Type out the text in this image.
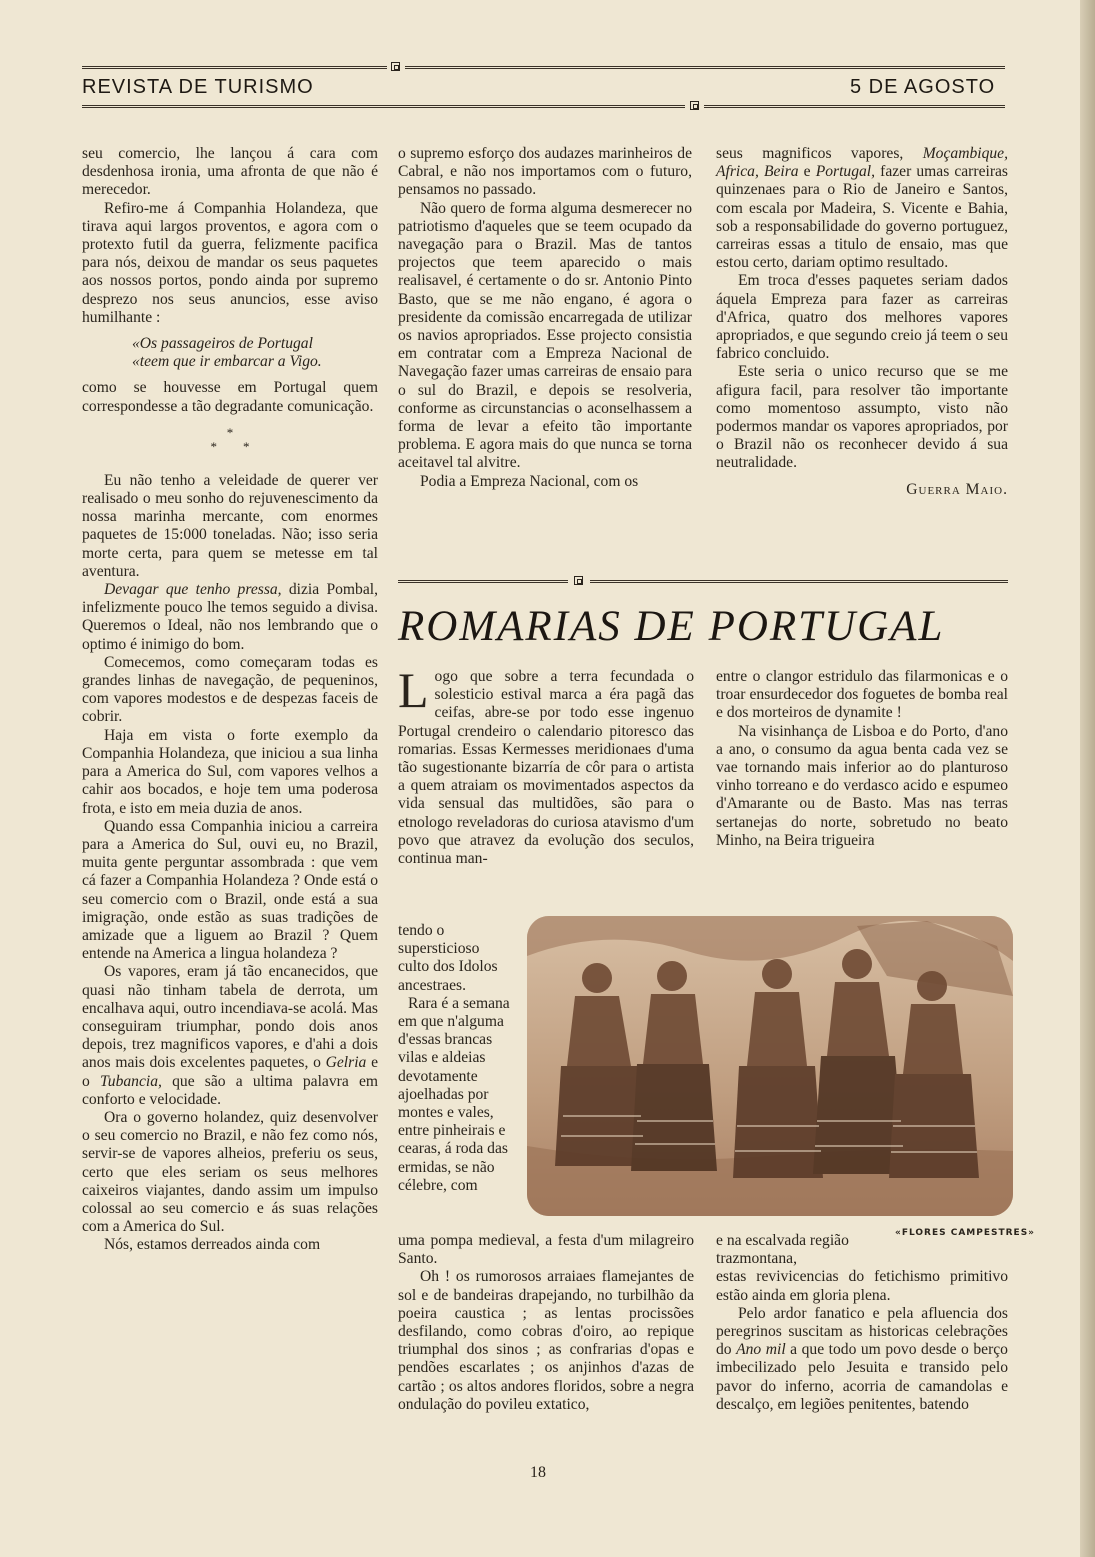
REVISTA DE TURISMO	5 DE AGOSTO

seu comercio, lhe lançou á cara com desdenhosa ironia, uma afronta de que não é merecedor.

Refiro-me á Companhia Holandeza, que tirava aqui largos proventos, e agora com o protexto futil da guerra, felizmente pacifica para nós, deixou de mandar os seus paquetes aos nossos portos, pondo ainda por supremo desprezo nos seus anuncios, esse aviso humilhante :

«Os passageiros de Portugal

«teem que ir embarcar a Vigo.

como se houvesse em Portugal quem correspondesse a tão degradante comunicação.

*
*        *

Eu não tenho a veleidade de querer ver realisado o meu sonho do rejuvenescimento da nossa marinha mercante, com enormes paquetes de 15:000 toneladas. Não; isso seria morte certa, para quem se metesse em tal aventura.

Devagar que tenho pressa, dizia Pombal, infelizmente pouco lhe temos seguido a divisa. Queremos o Ideal, não nos lembrando que o optimo é inimigo do bom.

Comecemos, como começaram todas es grandes linhas de navegação, de pequeninos, com vapores modestos e de despezas faceis de cobrir.

Haja em vista o forte exemplo da Companhia Holandeza, que iniciou a sua linha para a America do Sul, com vapores velhos a cahir aos bocados, e hoje tem uma poderosa frota, e isto em meia duzia de anos.

Quando essa Companhia iniciou a carreira para a America do Sul, ouvi eu, no Brazil, muita gente perguntar assombrada : que vem cá fazer a Companhia Holandeza ? Onde está o seu comercio com o Brazil, onde está a sua imigração, onde estão as suas tradições de amizade que a liguem ao Brazil ? Quem entende na America a lingua holandeza ?

Os vapores, eram já tão encanecidos, que quasi não tinham tabela de derrota, um encalhava aqui, outro incendiava-se acolá. Mas conseguiram triumphar, pondo dois anos depois, trez magnificos vapores, e d'ahi a dois anos mais dois excelentes paquetes, o Gelria e o Tubancia, que são a ultima palavra em conforto e velocidade.

Ora o governo holandez, quiz desenvolver o seu comercio no Brazil, e não fez como nós, servir-se de vapores alheios, preferiu os seus, certo que eles seriam os seus melhores caixeiros viajantes, dando assim um impulso colossal ao seu comercio e ás suas relações com a America do Sul.

Nós, estamos derreados ainda com

o supremo esforço dos audazes marinheiros de Cabral, e não nos importamos com o futuro, pensamos no passado.

Não quero de forma alguma desmerecer no patriotismo d'aqueles que se teem ocupado da navegação para o Brazil. Mas de tantos projectos que teem aparecido o mais realisavel, é certamente o do sr. Antonio Pinto Basto, que se me não engano, é agora o presidente da comissão encarregada de utilizar os navios apropriados. Esse projecto consistia em contratar com a Empreza Nacional de Navegação fazer umas carreiras de ensaio para o sul do Brazil, e depois se resolveria, conforme as circunstancias o aconselhassem a forma de levar a efeito tão importante problema. E agora mais do que nunca se torna aceitavel tal alvitre.

Podia a Empreza Nacional, com os

seus magnificos vapores, Moçambique, Africa, Beira e Portugal, fazer umas carreiras quinzenaes para o Rio de Janeiro e Santos, com escala por Madeira, S. Vicente e Bahia, sob a responsabilidade do governo portuguez, carreiras essas a titulo de ensaio, mas que estou certo, dariam optimo resultado.

Em troca d'esses paquetes seriam dados áquela Empreza para fazer as carreiras d'Africa, quatro dos melhores vapores apropriados, e que segundo creio já teem o seu fabrico concluido.

Este seria o unico recurso que se me afigura facil, para resolver tão importante como momentoso assumpto, visto não podermos mandar os vapores apropriados, por o Brazil não os reconhecer devido á sua neutralidade.

Guerra Maio.

ROMARIAS DE PORTUGAL

Logo que sobre a terra fecundada o solesticio estival marca a éra pagã das ceifas, abre-se por todo esse ingenuo Portugal crendeiro o calendario pitoresco das romarias. Essas Kermesses meridionaes d'uma tão sugestionante bizarría de côr para o artista a quem atraiam os movimentados aspectos da vida sensual das multidões, são para o etnologo reveladoras do curiosa atavismo d'um povo que atravez da evolução dos seculos, continua man-

tendo o supersticioso culto dos Idolos ancestraes.

Rara é a semana em que n'alguma d'essas brancas vilas e aldeias devotamente ajoelhadas por montes e vales, entre pinheirais e cearas, á roda das ermidas, se não célebre, com

uma pompa medieval, a festa d'um milagreiro Santo.

Oh ! os rumorosos arraiaes flamejantes de sol e de bandeiras drapejando, no turbilhão da poeira caustica ; as lentas procissões desfilando, como cobras d'oiro, ao repique triumphal dos sinos ; as confrarias d'opas e pendões escarlates ; os anjinhos d'azas de cartão ; os altos andores floridos, sobre a negra ondulação do povileu extatico,

entre o clangor estridulo das filarmonicas e o troar ensurdecedor dos foguetes de bomba real e dos morteiros de dynamite !

Na visinhança de Lisboa e do Porto, d'ano a ano, o consumo da agua benta cada vez se vae tornando mais inferior ao do planturoso vinho torreano e do verdasco acido e espumeo d'Amarante ou de Basto. Mas nas terras sertanejas do norte, sobretudo no beato Minho, na Beira trigueira

e na escalvada região trazmontana,

estas revivicencias do fetichismo primitivo estão ainda em gloria plena.

Pelo ardor fanatico e pela afluencia dos peregrinos suscitam as historicas celebrações do Ano mil a que todo um povo desde o berço imbecilizado pelo Jesuita e transido pelo pavor do inferno, acorria de camandolas e descalço, em legiões penitentes, batendo

«FLORES CAMPESTRES»
18
